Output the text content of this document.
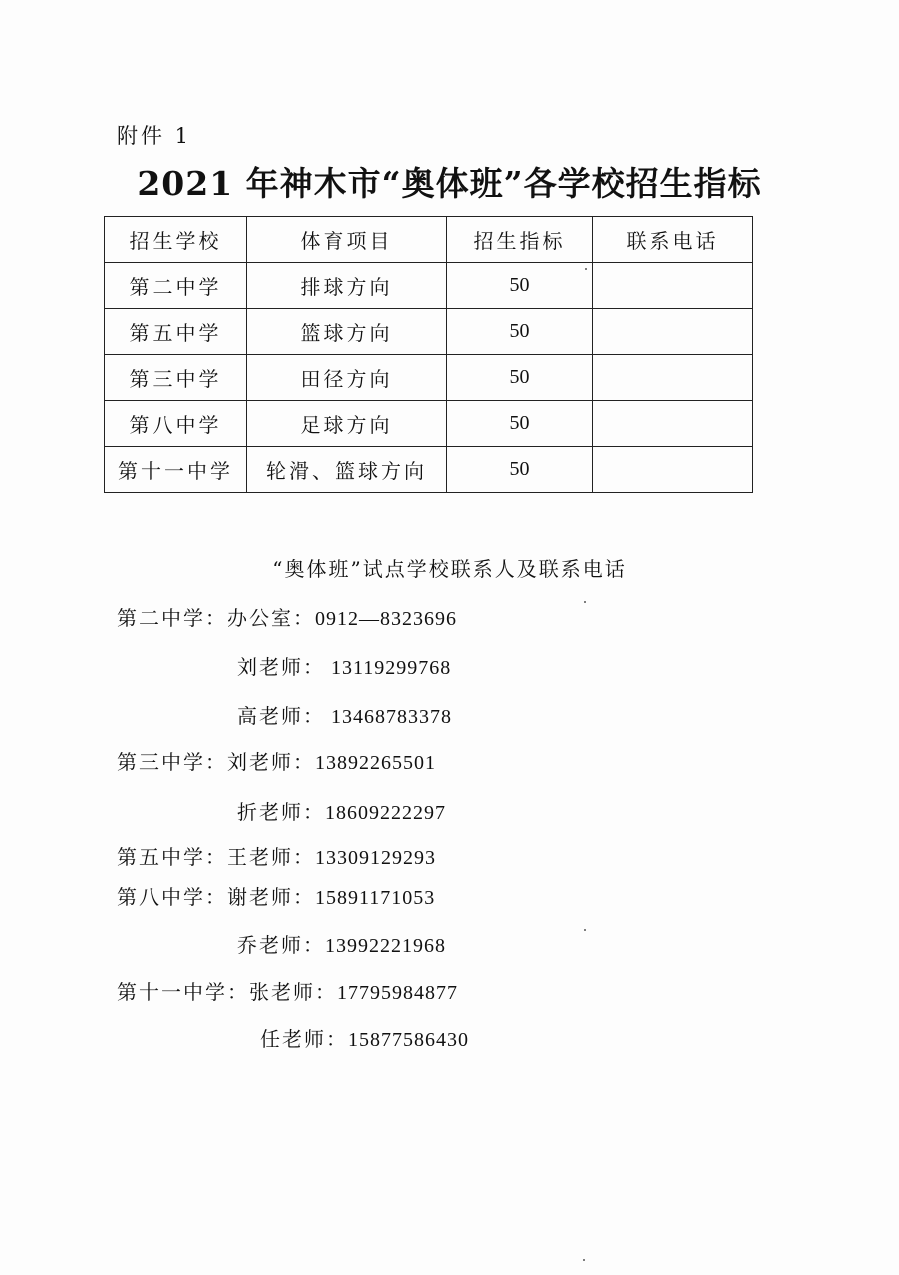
附件 1
2021 年神木市“奥体班”各学校招生指标
招生学校	体育项目	招生指标	联系电话
第二中学	排球方向	50	
第五中学	篮球方向	50	
第三中学	田径方向	50	
第八中学	足球方向	50	
第十一中学	轮滑、篮球方向	50	
“奥体班”试点学校联系人及联系电话
第二中学：办公室：0912—8323696
刘老师： 13119299768
高老师： 13468783378
第三中学：刘老师：13892265501
折老师：18609222297
第五中学：王老师：13309129293
第八中学：谢老师：15891171053
乔老师：13992221968
第十一中学：张老师：17795984877
任老师：15877586430
